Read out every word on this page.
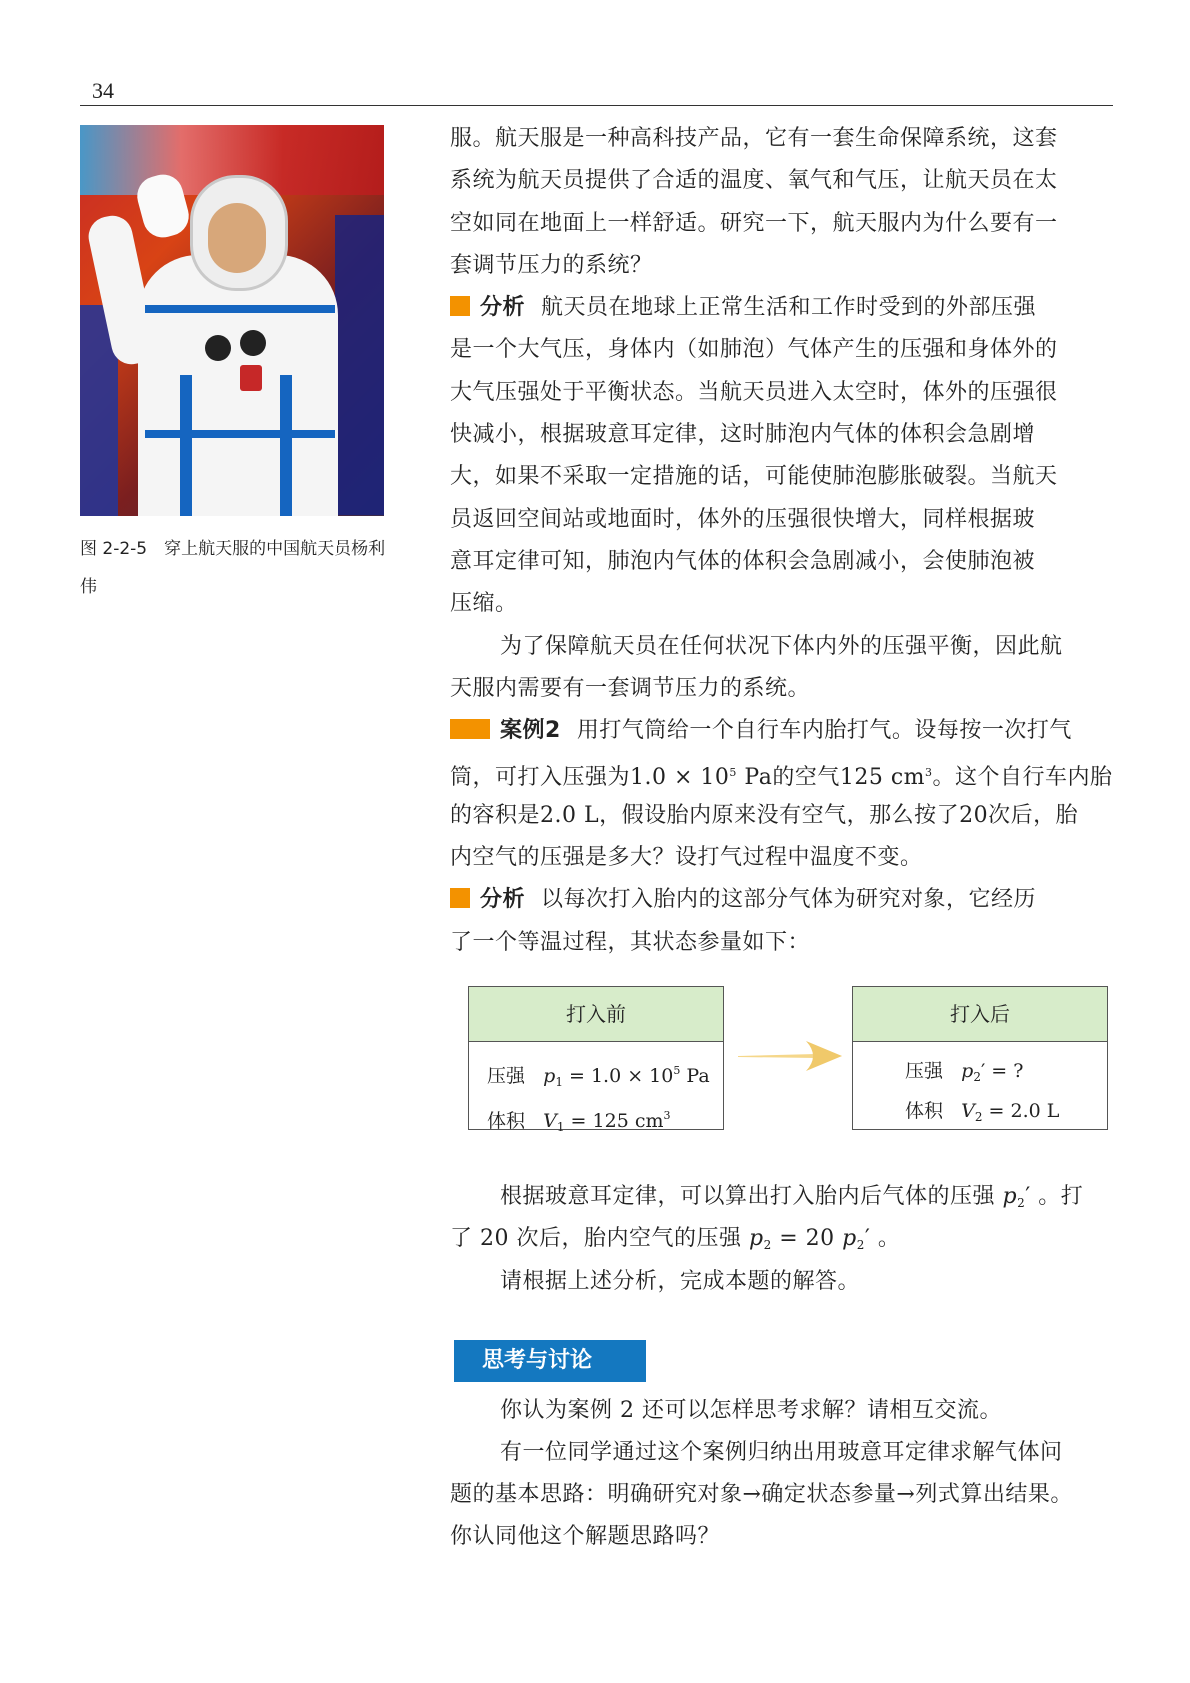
34
图 2-2-5　穿上航天服的中国航天员杨利伟
服。航天服是一种高科技产品，它有一套生命保障系统，这套
系统为航天员提供了合适的温度、氧气和气压，让航天员在太
空如同在地面上一样舒适。研究一下，航天服内为什么要有一
套调节压力的系统？
分析 航天员在地球上正常生活和工作时受到的外部压强
是一个大气压，身体内（如肺泡）气体产生的压强和身体外的
大气压强处于平衡状态。当航天员进入太空时，体外的压强很
快减小，根据玻意耳定律，这时肺泡内气体的体积会急剧增
大，如果不采取一定措施的话，可能使肺泡膨胀破裂。当航天
员返回空间站或地面时，体外的压强很快增大，同样根据玻
意耳定律可知，肺泡内气体的体积会急剧减小，会使肺泡被
压缩。
为了保障航天员在任何状况下体内外的压强平衡，因此航
天服内需要有一套调节压力的系统。
案例2 用打气筒给一个自行车内胎打气。设每按一次打气
筒，可打入压强为$1.0 \times 10^5$ Pa的空气125 $cm^3$。这个自行车内胎
的容积是2.0 L，假设胎内原来没有空气，那么按了20次后，胎
内空气的压强是多大？设打气过程中温度不变。
分析 以每次打入胎内的这部分气体为研究对象，它经历
了一个等温过程，其状态参量如下：
打入前
压强 $p_1 = 1.0 \times 10^5$ Pa
体积 $V_1 = 125$ $cm^3$
打入后
压强 $p_2'$ = ?
体积 $V_2 = 2.0$ L
根据玻意耳定律，可以算出打入胎内后气体的压强 $p_2'$ 。打
了 20 次后，胎内空气的压强 $p_2 = 20$ $p_2'$ 。
请根据上述分析，完成本题的解答。
思考与讨论
你认为案例 2 还可以怎样思考求解？请相互交流。
有一位同学通过这个案例归纳出用玻意耳定律求解气体问
题的基本思路：明确研究对象→确定状态参量→列式算出结果。
你认同他这个解题思路吗？
